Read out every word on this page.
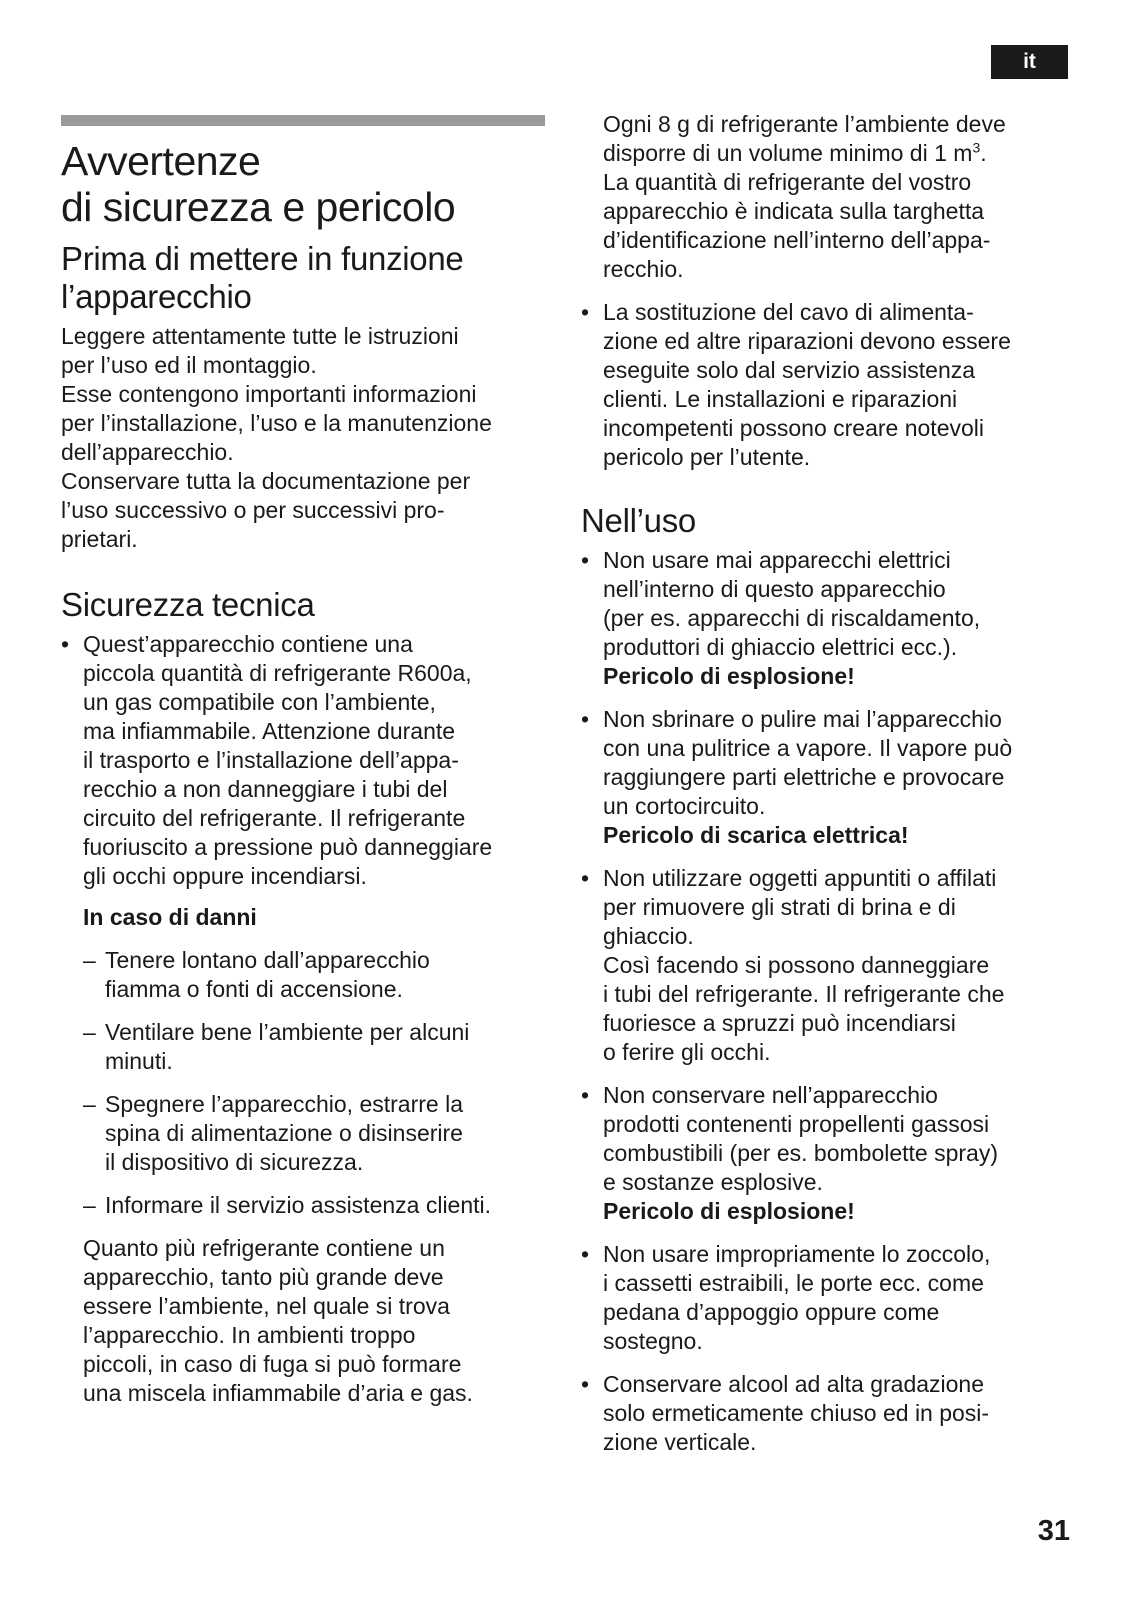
it
Avvertenze
di sicurezza e pericolo
Prima di mettere in funzione
l’apparecchio
Leggere attentamente tutte le istruzioni
per l’uso ed il montaggio.
Esse contengono importanti informazioni
per l’installazione, l’uso e la manutenzione
dell’apparecchio.
Conservare tutta la documentazione per
l’uso successivo o per successivi pro-
prietari.
Sicurezza tecnica
• Quest’apparecchio contiene una
piccola quantità di refrigerante R600a,
un gas compatibile con l’ambiente,
ma infiammabile. Attenzione durante
il trasporto e l’installazione dell’appa-
recchio a non danneggiare i tubi del
circuito del refrigerante. Il refrigerante
fuoriuscito a pressione può danneggiare
gli occhi oppure incendiarsi.
In caso di danni
– Tenere lontano dall’apparecchio
fiamma o fonti di accensione.
– Ventilare bene l’ambiente per alcuni
minuti.
– Spegnere l’apparecchio, estrarre la
spina di alimentazione o disinserire
il dispositivo di sicurezza.
– Informare il servizio assistenza clienti.
Quanto più refrigerante contiene un
apparecchio, tanto più grande deve
essere l’ambiente, nel quale si trova
l’apparecchio. In ambienti troppo
piccoli, in caso di fuga si può formare
una miscela infiammabile d’aria e gas.
Ogni 8 g di refrigerante l’ambiente deve
disporre di un volume minimo di 1 $m^3$.
La quantità di refrigerante del vostro
apparecchio è indicata sulla targhetta
d’identificazione nell’interno dell’appa-
recchio.
• La sostituzione del cavo di alimenta-
zione ed altre riparazioni devono essere
eseguite solo dal servizio assistenza
clienti. Le installazioni e riparazioni
incompetenti possono creare notevoli
pericolo per l’utente.
Nell’uso
• Non usare mai apparecchi elettrici
nell’interno di questo apparecchio
(per es. apparecchi di riscaldamento,
produttori di ghiaccio elettrici ecc.).
Pericolo di esplosione!
• Non sbrinare o pulire mai l’apparecchio
con una pulitrice a vapore. Il vapore può
raggiungere parti elettriche e provocare
un cortocircuito.
Pericolo di scarica elettrica!
• Non utilizzare oggetti appuntiti o affilati
per rimuovere gli strati di brina e di
ghiaccio.
Così facendo si possono danneggiare
i tubi del refrigerante. Il refrigerante che
fuoriesce a spruzzi può incendiarsi
o ferire gli occhi.
• Non conservare nell’apparecchio
prodotti contenenti propellenti gassosi
combustibili (per es. bombolette spray)
e sostanze esplosive.
Pericolo di esplosione!
• Non usare impropriamente lo zoccolo,
i cassetti estraibili, le porte ecc. come
pedana d’appoggio oppure come
sostegno.
• Conservare alcool ad alta gradazione
solo ermeticamente chiuso ed in posi-
zione verticale.
31
